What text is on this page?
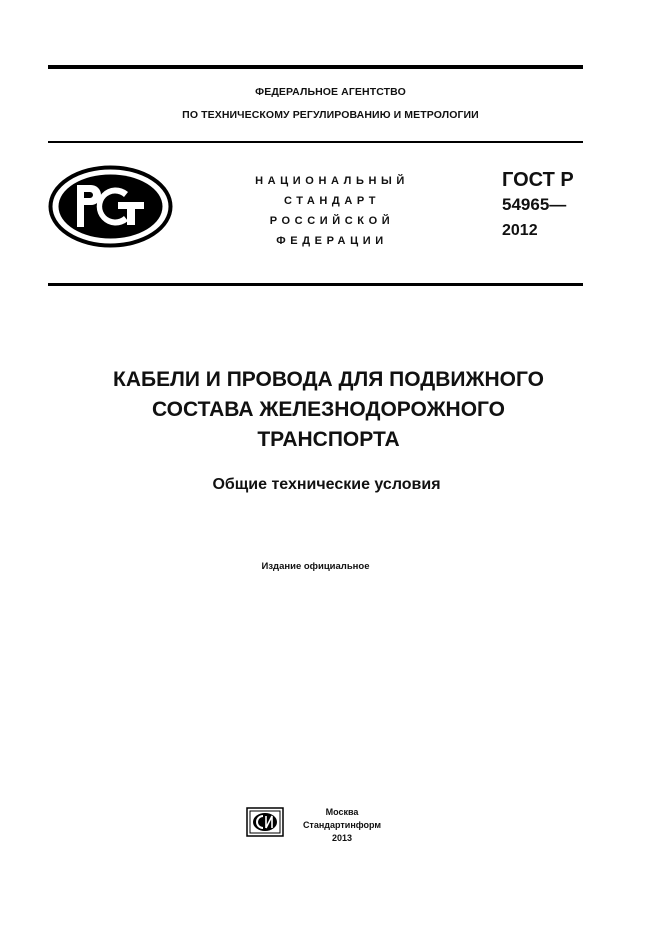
ФЕДЕРАЛЬНОЕ АГЕНТСТВО
ПО ТЕХНИЧЕСКОМУ РЕГУЛИРОВАНИЮ И МЕТРОЛОГИИ
НАЦИОНАЛЬНЫЙ
СТАНДАРТ
РОССИЙСКОЙ
ФЕДЕРАЦИИ
ГОСТ Р
54965—
2012
КАБЕЛИ И ПРОВОДА ДЛЯ ПОДВИЖНОГО
СОСТАВА ЖЕЛЕЗНОДОРОЖНОГО
ТРАНСПОРТА
Общие технические условия
Издание официальное
Москва
Стандартинформ
2013
